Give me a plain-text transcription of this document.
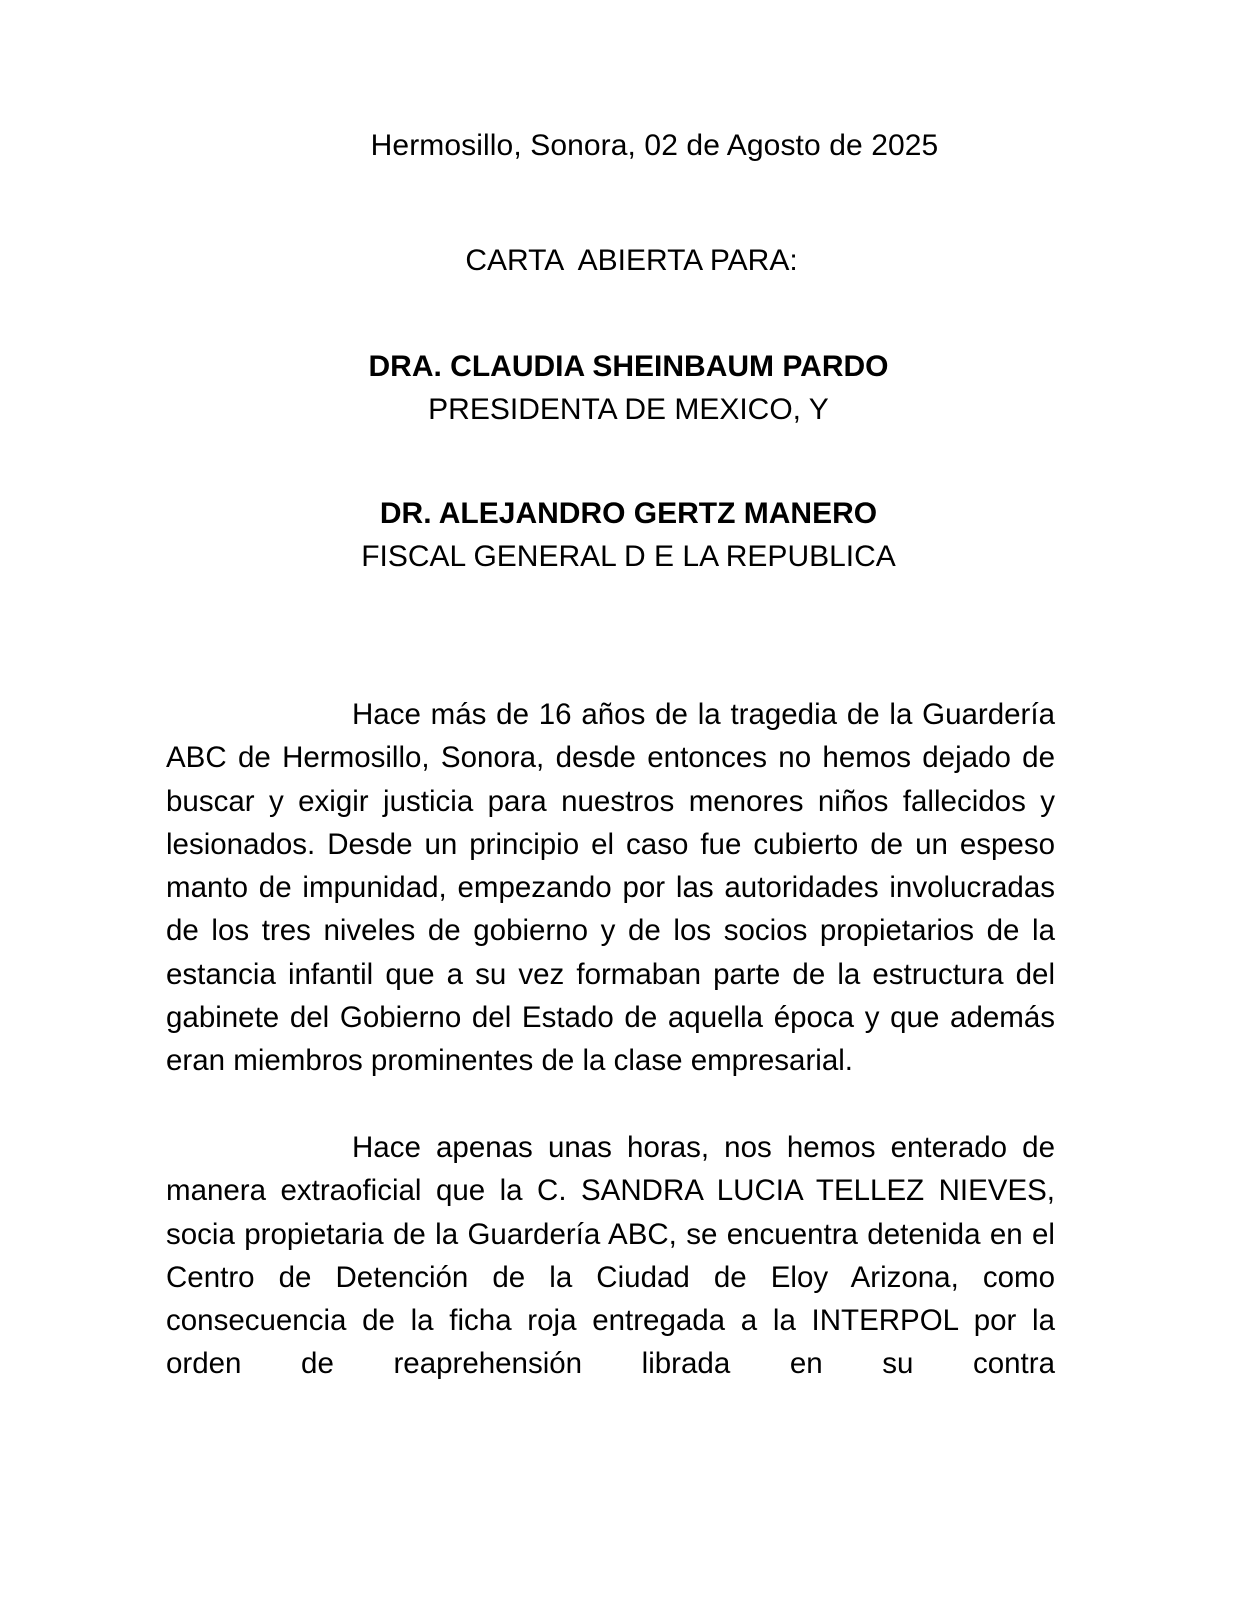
Hermosillo, Sonora, 02 de Agosto de 2025
CARTA  ABIERTA PARA:
DRA. CLAUDIA SHEINBAUM PARDO
PRESIDENTA DE MEXICO, Y
DR. ALEJANDRO GERTZ MANERO
FISCAL GENERAL D E LA REPUBLICA

Hace más de 16 años de la tragedia de la Guardería ABC de Hermosillo, Sonora, desde entonces no hemos dejado de buscar y exigir justicia para nuestros menores niños fallecidos y lesionados. Desde un principio el caso fue cubierto de un espeso manto de impunidad, empezando por las autoridades involucradas de los tres niveles de gobierno y de los socios propietarios de la estancia infantil que a su vez formaban parte de la estructura del gabinete del Gobierno del Estado de aquella época y que además eran miembros prominentes de la clase empresarial.

Hace apenas unas horas, nos hemos enterado de manera extraoficial que la C. SANDRA LUCIA TELLEZ NIEVES, socia propietaria de la Guardería ABC, se encuentra detenida en el Centro de Detención de la Ciudad de Eloy Arizona, como consecuencia de la ficha roja entregada a la INTERPOL por la orden de reaprehensión librada en su contra
